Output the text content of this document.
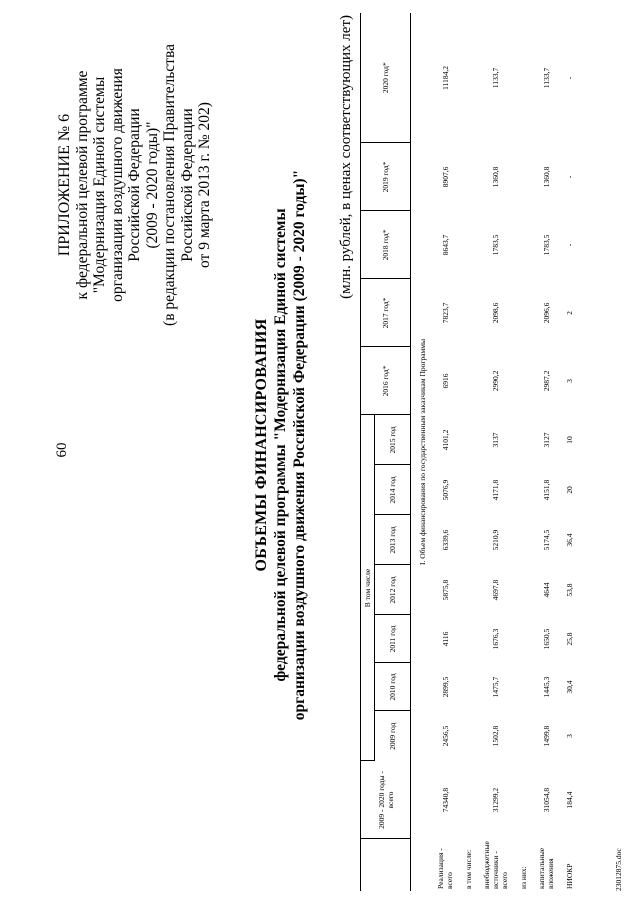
60
ПРИЛОЖЕНИЕ № 6 к федеральной целевой программе "Модернизация Единой системы организации воздушного движения Российской Федерации (2009 - 2020 годы)" (в редакции постановления Правительства Российской Федерации от 9 марта 2013 г. № 202)
ОБЪЕМЫ ФИНАНСИРОВАНИЯ федеральной целевой программы "Модернизация Единой системы организации воздушного движения Российской Федерации (2009 - 2020 годы)"
(млн. рублей, в ценах соответствующих лет)
	2009 - 2020 годы - всего	В том числе							2016 год*	2017 год*	2018 год*	2019 год*	2020 год*
		2009 год	2010 год	2011 год	2012 год	2013 год	2014 год	2015 год					
I. Объем финансирования по государственным заказчикам Программы													
Реализация - всего	74340,8	2456,5	2899,5	4116	5875,8	6339,6	5076,9	4101,2	6916	7823,7	8643,7	8907,6	11184,2
в том числе:													
внебюджетные источники - всего	31299,2	1502,8	1475,7	1676,3	4697,8	5210,9	4171,8	3137	2990,2	2098,6	1783,5	1360,8	1133,7
из них:													
капитальные вложения	31054,8	1499,8	1445,3	1650,5	4644	5174,5	4151,8	3127	2987,2	2096,6	1783,5	1360,8	1133,7
НИОКР	184,4	3	30,4	25,8	53,8	36,4	20	10	3	2	-	-	-
23012875.doc
